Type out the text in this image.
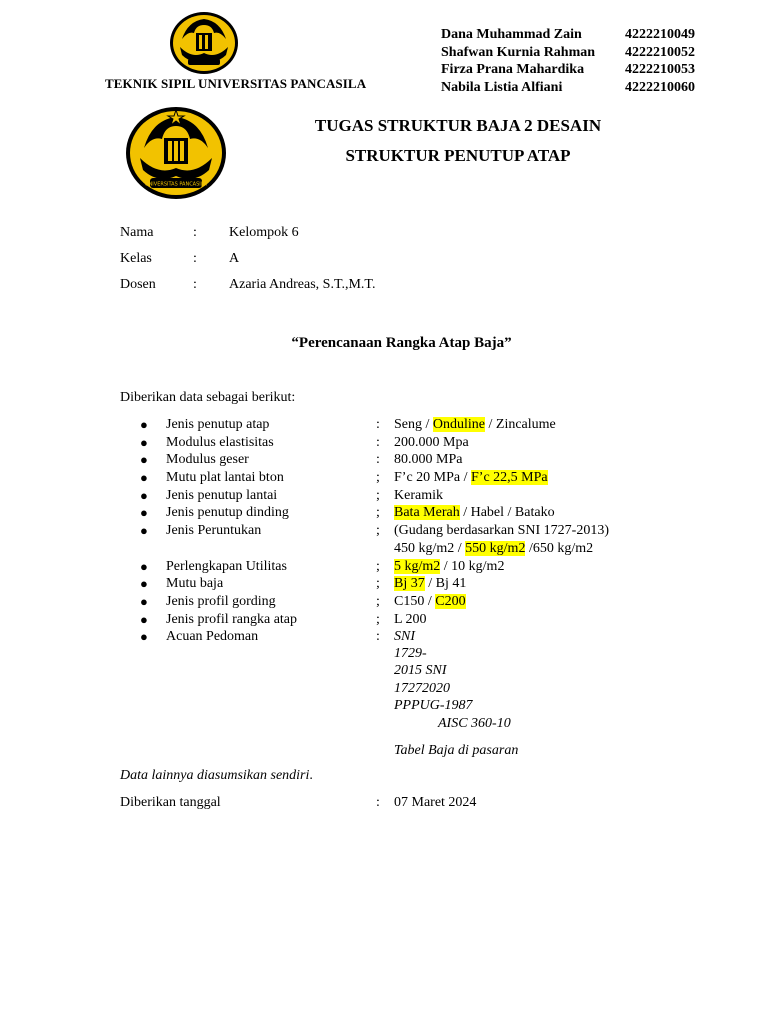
TEKNIK SIPIL UNIVERSITAS PANCASILA
Dana Muhammad Zain	4222210049
Shafwan Kurnia Rahman	4222210052
Firza Prana Mahardika	4222210053
Nabila Listia Alfiani	4222210060
UNIVERSITAS PANCASILA
TUGAS STRUKTUR BAJA 2 DESAIN
STRUKTUR PENUTUP ATAP
Nama	: Kelompok 6
Kelas	: A
Dosen	: Azaria Andreas, S.T.,M.T.
“Perencanaan Rangka Atap Baja”
Diberikan data sebagai berikut:
● Jenis penutup atap	: Seng / Onduline / Zincalume
● Modulus elastisitas	: 200.000 Mpa
● Modulus geser	: 80.000 MPa
● Mutu plat lantai bton	; F’c 20 MPa / F’c 22,5 MPa
● Jenis penutup lantai	; Keramik
● Jenis penutup dinding	; Bata Merah / Habel / Batako
● Jenis Peruntukan	; (Gudang berdasarkan SNI 1727-2013)
450 kg/m2 / 550 kg/m2 /650 kg/m2
● Perlengkapan Utilitas	; 5 kg/m2 / 10 kg/m2
● Mutu baja	; Bj 37 / Bj 41
● Jenis profil gording	; C150 / C200
● Jenis profil rangka atap	; L 200
● Acuan Pedoman	: SNI
1729-
2015 SNI
17272020
PPPUG-1987
AISC 360-10
Tabel Baja di pasaran
Data lainnya diasumsikan sendiri.
Diberikan tanggal	: 07 Maret 2024
